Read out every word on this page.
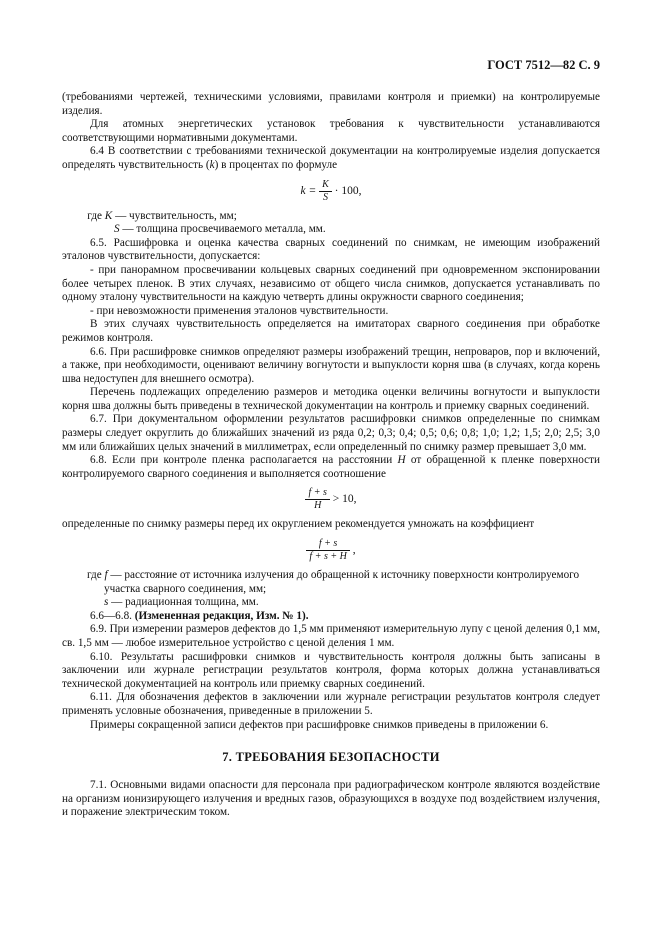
ГОСТ 7512—82 С. 9

(требованиями чертежей, техническими условиями, правилами контроля и приемки) на контролируемые изделия.

Для атомных энергетических установок требования к чувствительности устанавливаются соответствующими нормативными документами.

6.4 В соответствии с требованиями технической документации на контролируемые изделия допускается определять чувствительность (k) в процентах по формуле

$k = \frac{K}{S} \cdot 100$,
где K — чувствительность, мм;
S — толщина просвечиваемого металла, мм.

6.5. Расшифровка и оценка качества сварных соединений по снимкам, не имеющим изображений эталонов чувствительности, допускается:

- при панорамном просвечивании кольцевых сварных соединений при одновременном экспонировании более четырех пленок. В этих случаях, независимо от общего числа снимков, допускается устанавливать по одному эталону чувствительности на каждую четверть длины окружности сварного соединения;

- при невозможности применения эталонов чувствительности.

В этих случаях чувствительность определяется на имитаторах сварного соединения при обработке режимов контроля.

6.6. При расшифровке снимков определяют размеры изображений трещин, непроваров, пор и включений, а также, при необходимости, оценивают величину вогнутости и выпуклости корня шва (в случаях, когда корень шва недоступен для внешнего осмотра).

Перечень подлежащих определению размеров и методика оценки величины вогнутости и выпуклости корня шва должны быть приведены в технической документации на контроль и приемку сварных соединений.

6.7. При документальном оформлении результатов расшифровки снимков определенные по снимкам размеры следует округлить до ближайших значений из ряда 0,2; 0,3; 0,4; 0,5; 0,6; 0,8; 1,0; 1,2; 1,5; 2,0; 2,5; 3,0 мм или ближайших целых значений в миллиметрах, если определенный по снимку размер превышает 3,0 мм.

6.8. Если при контроле пленка располагается на расстоянии H от обращенной к пленке поверхности контролируемого сварного соединения и выполняется соотношение

$\frac{f + s}{H} > 10$,

определенные по снимку размеры перед их округлением рекомендуется умножать на коэффициент

$\frac{f + s}{f + s + H}$ ,
где f — расстояние от источника излучения до обращенной к источнику поверхности контролируемого участка сварного соединения, мм;
s — радиационная толщина, мм.

6.6—6.8. (Измененная редакция, Изм. № 1).

6.9. При измерении размеров дефектов до 1,5 мм применяют измерительную лупу с ценой деления 0,1 мм, св. 1,5 мм — любое измерительное устройство с ценой деления 1 мм.

6.10. Результаты расшифровки снимков и чувствительность контроля должны быть записаны в заключении или журнале регистрации результатов контроля, форма которых должна устанавливаться технической документацией на контроль или приемку сварных соединений.

6.11. Для обозначения дефектов в заключении или журнале регистрации результатов контроля следует применять условные обозначения, приведенные в приложении 5.

Примеры сокращенной записи дефектов при расшифровке снимков приведены в приложении 6.

7. ТРЕБОВАНИЯ БЕЗОПАСНОСТИ

7.1. Основными видами опасности для персонала при радиографическом контроле являются воздействие на организм ионизирующего излучения и вредных газов, образующихся в воздухе под воздействием излучения, и поражение электрическим током.
